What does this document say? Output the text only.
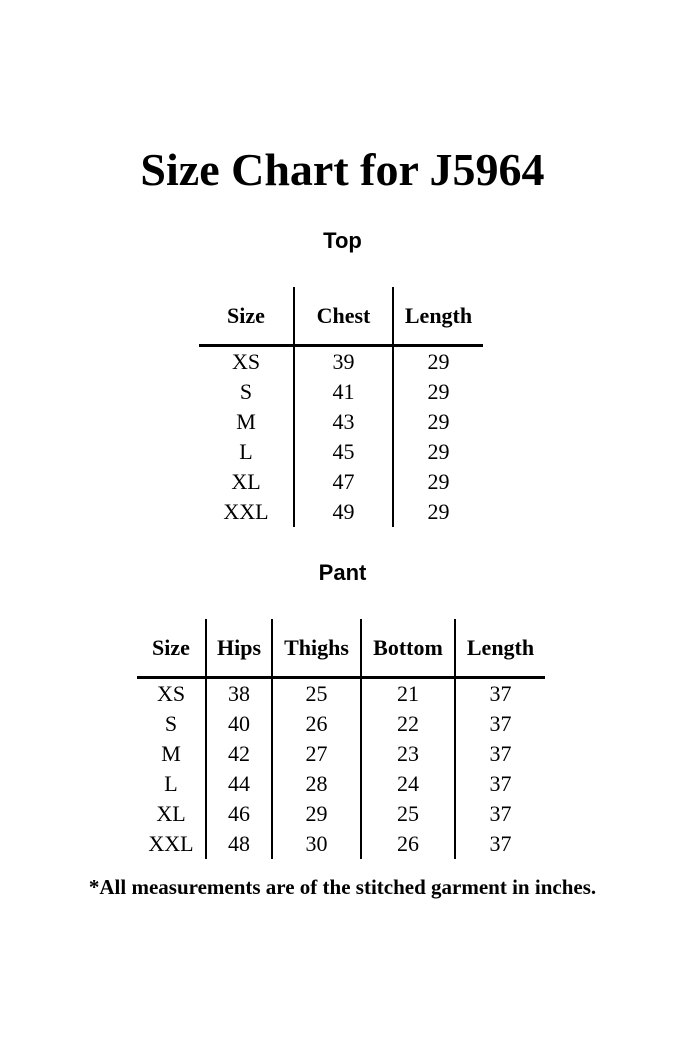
Size Chart for J5964
Top
Size	Chest	Length
XS	39	29
S	41	29
M	43	29
L	45	29
XL	47	29
XXL	49	29
Pant
Size	Hips	Thighs	Bottom	Length
XS	38	25	21	37
S	40	26	22	37
M	42	27	23	37
L	44	28	24	37
XL	46	29	25	37
XXL	48	30	26	37

*All measurements are of the stitched garment in inches.
